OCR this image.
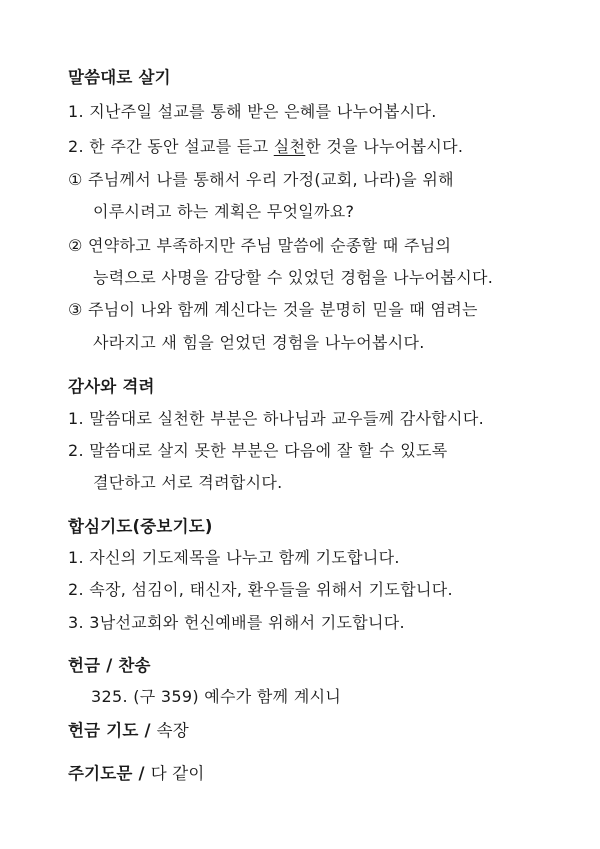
말씀대로 살기
1. 지난주일 설교를 통해 받은 은혜를 나누어봅시다.
2. 한 주간 동안 설교를 듣고 실천한 것을 나누어봅시다.
① 주님께서 나를 통해서 우리 가정(교회, 나라)을 위해
이루시려고 하는 계획은 무엇일까요?
② 연약하고 부족하지만 주님 말씀에 순종할 때 주님의
능력으로 사명을 감당할 수 있었던 경험을 나누어봅시다.
③ 주님이 나와 함께 계신다는 것을 분명히 믿을 때 염려는
사라지고 새 힘을 얻었던 경험을 나누어봅시다.
감사와 격려
1. 말씀대로 실천한 부분은 하나님과 교우들께 감사합시다.
2. 말씀대로 살지 못한 부분은 다음에 잘 할 수 있도록
결단하고 서로 격려합시다.
합심기도(중보기도)
1. 자신의 기도제목을 나누고 함께 기도합니다.
2. 속장, 섬김이, 태신자, 환우들을 위해서 기도합니다.
3. 3남선교회와 헌신예배를 위해서 기도합니다.
헌금 / 찬송
325. (구 359) 예수가 함께 계시니
헌금 기도 / 속장
주기도문 / 다 같이
